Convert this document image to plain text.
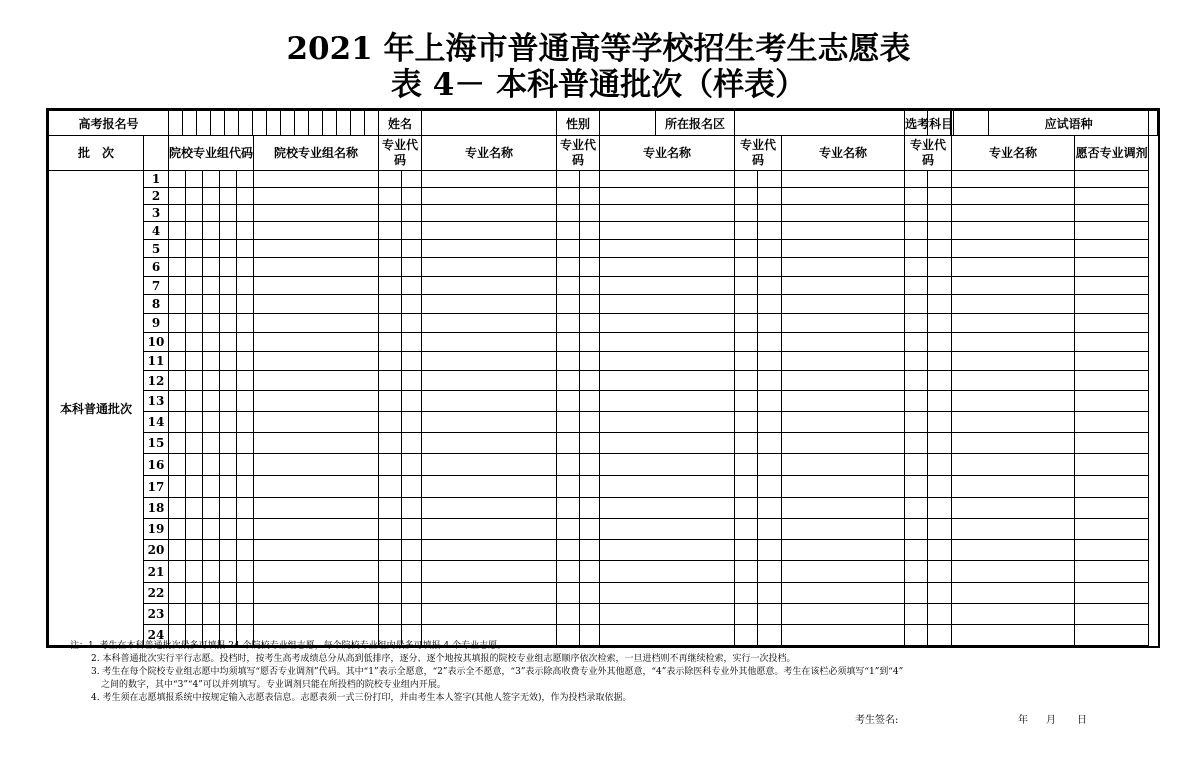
2021 年上海市普通高等学校招生考生志愿表
表 4－ 本科普通批次（样表）
高考报名号								姓名			性别		所在报名区				选考科目		应试语种		

批　次		院校专业组代码					院校专业组名称	专业代码		专业名称	专业代码		专业名称	专业代码		专业名称	专业代码		专业名称	愿否专业调剂	
本科普通批次	1																				
	2																				
	3																				
	4																				
	5																				
	6																				
	7																				
	8																				
	9																				
	10																				
	11																				
	12																				
	13																				
	14																				
	15																				
	16																				
	17																				
	18																				
	19																				
	20																				
	21																				
	22																				
	23																				
	24																				
注：1. 考生在本科普通批次最多可填报 24 个院校专业组志愿，每个院校专业组内最多可填报 4 个专业志愿。
2. 本科普通批次实行平行志愿。投档时，按考生高考成绩总分从高到低排序，逐分、逐个地按其填报的院校专业组志愿顺序依次检索，一旦进档则不再继续检索，实行一次投档。
3. 考生在每个院校专业组志愿中均须填写“愿否专业调剂”代码。其中“1”表示全愿意，“2”表示全不愿意，“3”表示除高收费专业外其他愿意，“4”表示除医科专业外其他愿意。考生在该栏必须填写“1”到“4”
之间的数字，其中“3”“4”可以并列填写。专业调剂只能在所投档的院校专业组内开展。
4. 考生须在志愿填报系统中按规定输入志愿表信息。志愿表须一式三份打印，并由考生本人签字(其他人签字无效)，作为投档录取依据。
考生签名:	年 月 日
